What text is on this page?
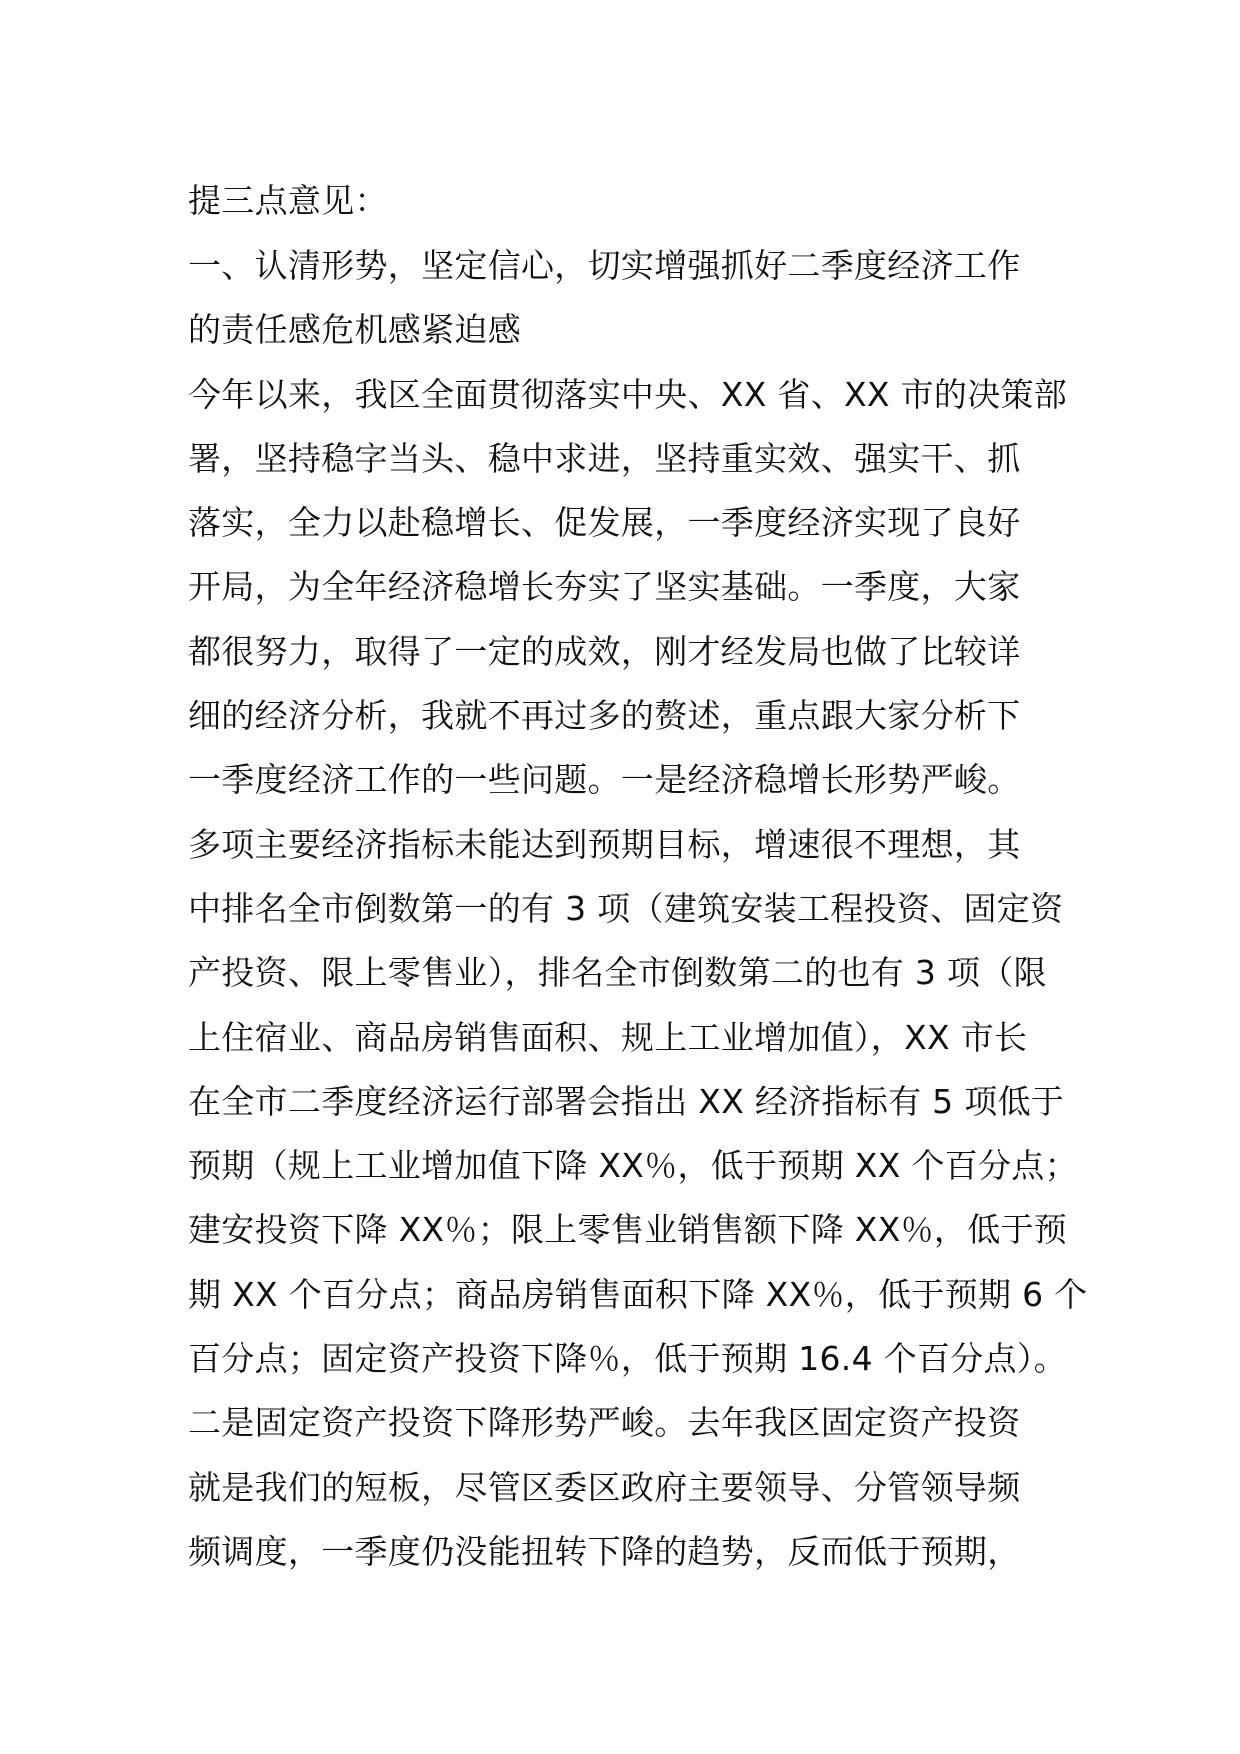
提三点意见：
一、认清形势，坚定信心，切实增强抓好二季度经济工作
的责任感危机感紧迫感
今年以来，我区全面贯彻落实中央、XX 省、XX 市的决策部
署，坚持稳字当头、稳中求进，坚持重实效、强实干、抓
落实，全力以赴稳增长、促发展，一季度经济实现了良好
开局，为全年经济稳增长夯实了坚实基础。一季度，大家
都很努力，取得了一定的成效，刚才经发局也做了比较详
细的经济分析，我就不再过多的赘述，重点跟大家分析下
一季度经济工作的一些问题。一是经济稳增长形势严峻。
多项主要经济指标未能达到预期目标，增速很不理想，其
中排名全市倒数第一的有 3 项（建筑安装工程投资、固定资
产投资、限上零售业），排名全市倒数第二的也有 3 项（限
上住宿业、商品房销售面积、规上工业增加值），XX 市长
在全市二季度经济运行部署会指出 XX 经济指标有 5 项低于
预期（规上工业增加值下降 XX％，低于预期 XX 个百分点；
建安投资下降 XX％；限上零售业销售额下降 XX％，低于预
期 XX 个百分点；商品房销售面积下降 XX％，低于预期 6 个
百分点；固定资产投资下降％，低于预期 16.4 个百分点）。
二是固定资产投资下降形势严峻。去年我区固定资产投资
就是我们的短板，尽管区委区政府主要领导、分管领导频
频调度，一季度仍没能扭转下降的趋势，反而低于预期，
